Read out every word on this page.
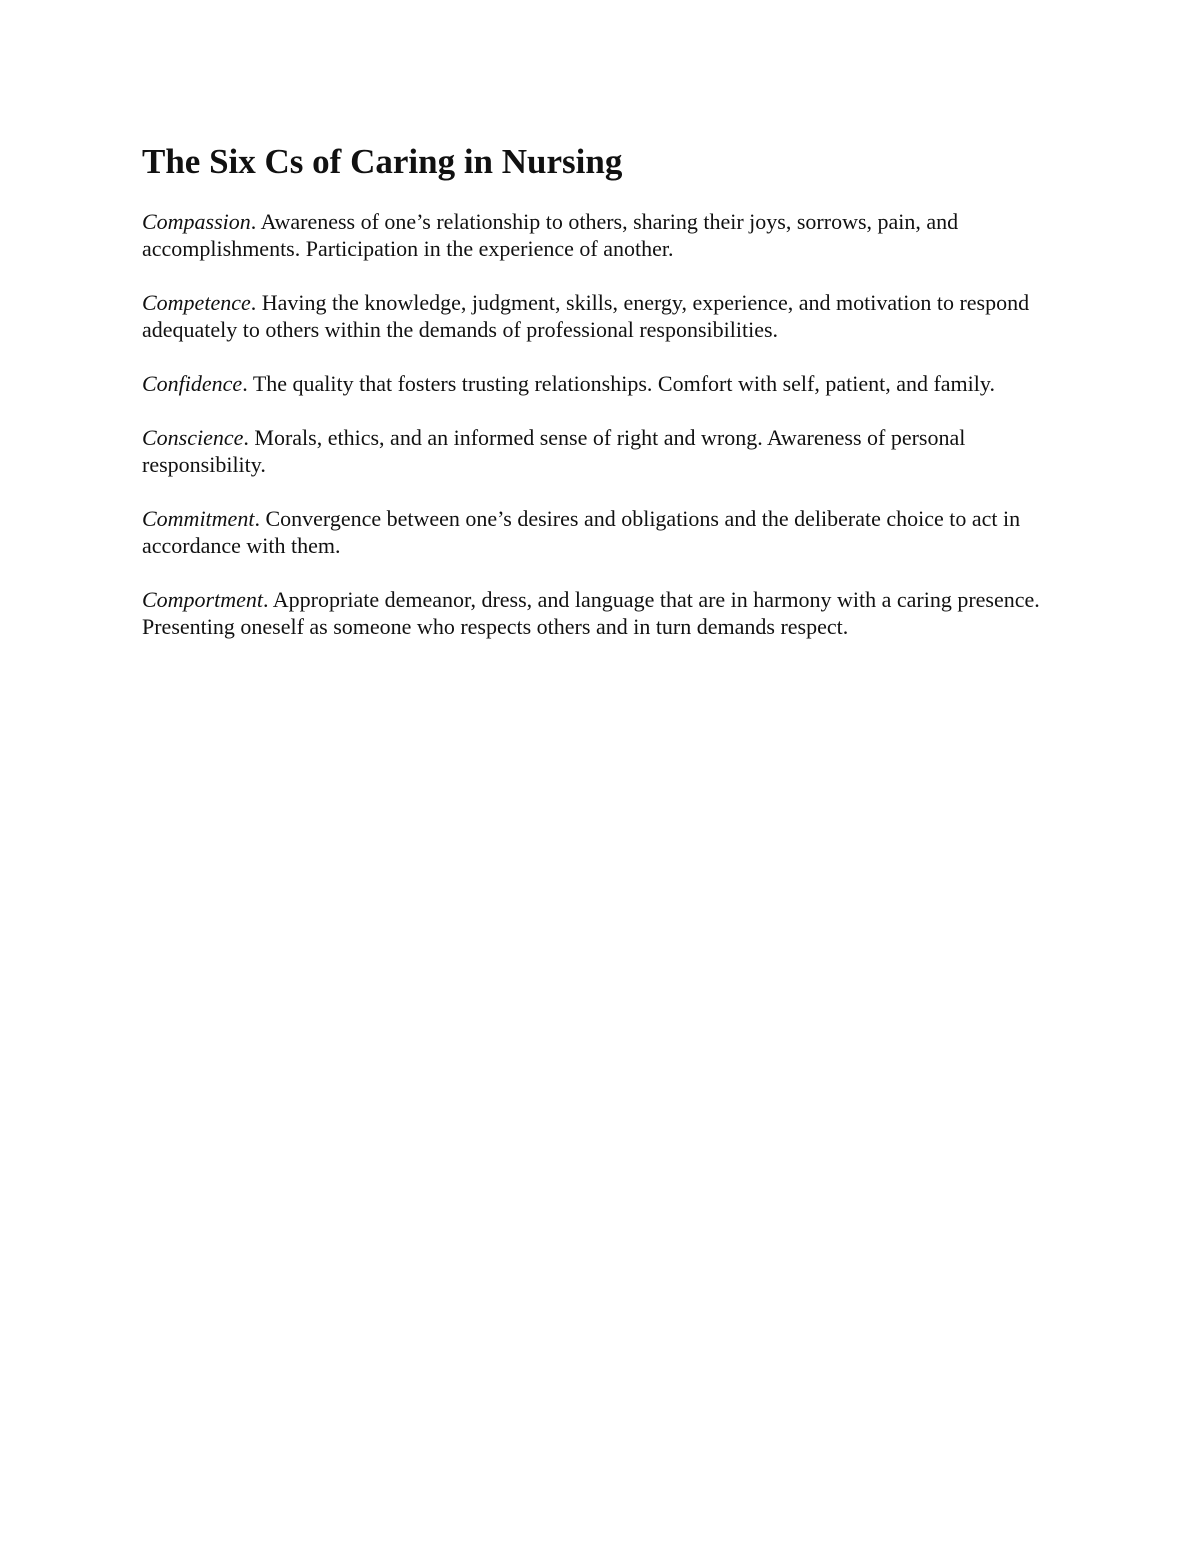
The Six Cs of Caring in Nursing

Compassion. Awareness of one’s relationship to others, sharing their joys, sorrows, pain, and accomplishments. Participation in the experience of another.

Competence. Having the knowledge, judgment, skills, energy, experience, and motivation to respond adequately to others within the demands of professional responsibilities.

Confidence. The quality that fosters trusting relationships. Comfort with self, patient, and family.

Conscience. Morals, ethics, and an informed sense of right and wrong. Awareness of personal responsibility.

Commitment. Convergence between one’s desires and obligations and the deliberate choice to act in accordance with them.

Comportment. Appropriate demeanor, dress, and language that are in harmony with a caring presence. Presenting oneself as someone who respects others and in turn demands respect.
